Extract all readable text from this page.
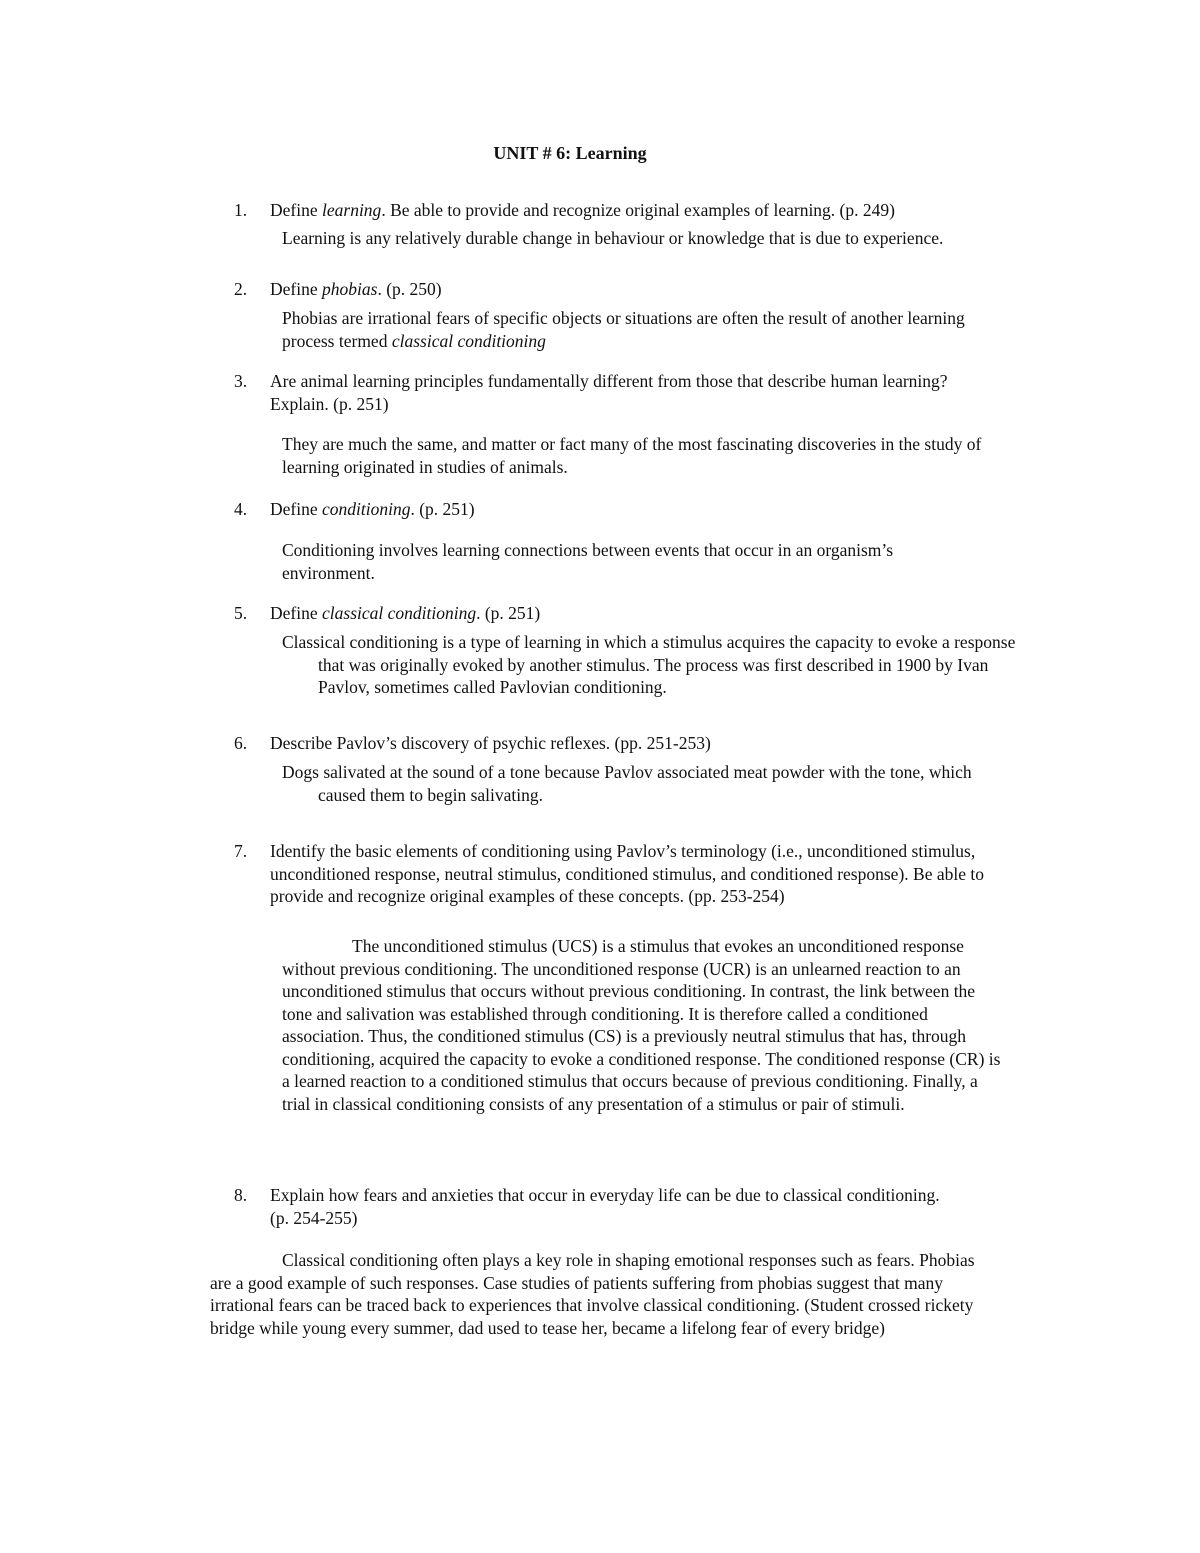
UNIT # 6: Learning
1. Define learning. Be able to provide and recognize original examples of learning. (p. 249)
Learning is any relatively durable change in behaviour or knowledge that is due to experience.
2. Define phobias. (p. 250)
Phobias are irrational fears of specific objects or situations are often the result of another learning process termed classical conditioning
3. Are animal learning principles fundamentally different from those that describe human learning? Explain. (p. 251)
They are much the same, and matter or fact many of the most fascinating discoveries in the study of learning originated in studies of animals.
4. Define conditioning. (p. 251)
Conditioning involves learning connections between events that occur in an organism’s environment.
5. Define classical conditioning. (p. 251)
Classical conditioning is a type of learning in which a stimulus acquires the capacity to evoke a response that was originally evoked by another stimulus. The process was first described in 1900 by Ivan Pavlov, sometimes called Pavlovian conditioning.
6. Describe Pavlov’s discovery of psychic reflexes. (pp. 251-253)
Dogs salivated at the sound of a tone because Pavlov associated meat powder with the tone, which caused them to begin salivating.
7. Identify the basic elements of conditioning using Pavlov’s terminology (i.e., unconditioned stimulus, unconditioned response, neutral stimulus, conditioned stimulus, and conditioned response). Be able to provide and recognize original examples of these concepts. (pp. 253-254)
The unconditioned stimulus (UCS) is a stimulus that evokes an unconditioned response without previous conditioning. The unconditioned response (UCR) is an unlearned reaction to an unconditioned stimulus that occurs without previous conditioning. In contrast, the link between the tone and salivation was established through conditioning. It is therefore called a conditioned association. Thus, the conditioned stimulus (CS) is a previously neutral stimulus that has, through conditioning, acquired the capacity to evoke a conditioned response. The conditioned response (CR) is a learned reaction to a conditioned stimulus that occurs because of previous conditioning. Finally, a trial in classical conditioning consists of any presentation of a stimulus or pair of stimuli.
8. Explain how fears and anxieties that occur in everyday life can be due to classical conditioning. (p. 254-255)
Classical conditioning often plays a key role in shaping emotional responses such as fears. Phobias are a good example of such responses. Case studies of patients suffering from phobias suggest that many irrational fears can be traced back to experiences that involve classical conditioning. (Student crossed rickety bridge while young every summer, dad used to tease her, became a lifelong fear of every bridge)
